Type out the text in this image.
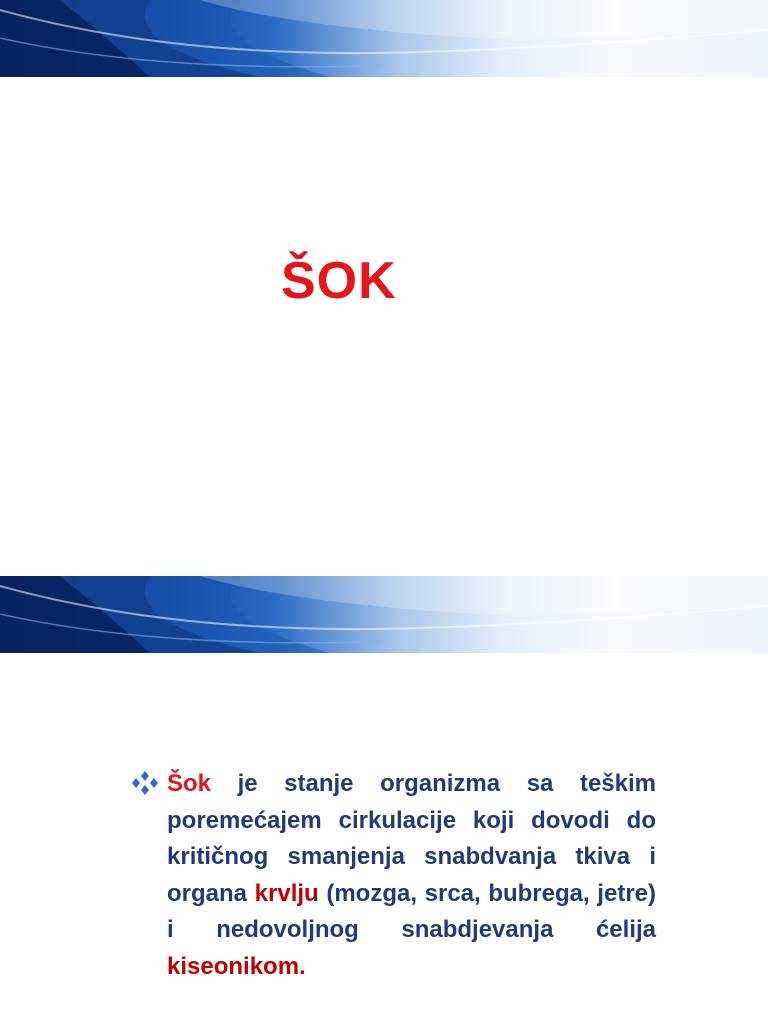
ŠOK
Šok je stanje organizma sa teškim poremećajem cirkulacije koji dovodi do kritičnog smanjenja snabdvanja tkiva i organa krvlju (mozga, srca, bubrega, jetre) i nedovoljnog snabdjevanja ćelija kiseonikom.
